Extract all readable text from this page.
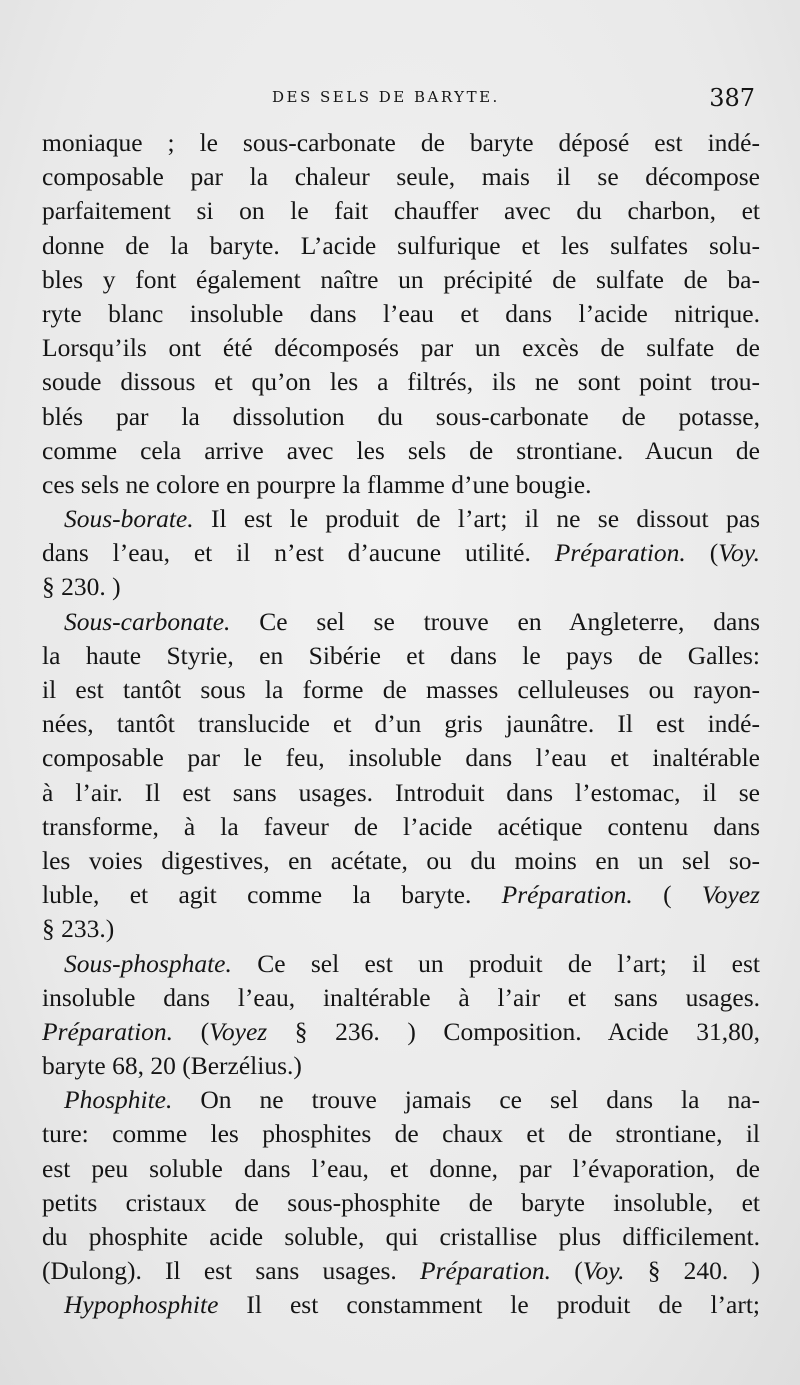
DES SELS DE BARYTE.	387
moniaque ; le sous-carbonate de baryte déposé est indé-
composable par la chaleur seule, mais il se décompose
parfaitement si on le fait chauffer avec du charbon, et
donne de la baryte. L’acide sulfurique et les sulfates solu-
bles y font également naître un précipité de sulfate de ba-
ryte blanc insoluble dans l’eau et dans l’acide nitrique.
Lorsqu’ils ont été décomposés par un excès de sulfate de
soude dissous et qu’on les a filtrés, ils ne sont point trou-
blés par la dissolution du sous-carbonate de potasse,
comme cela arrive avec les sels de strontiane. Aucun de
ces sels ne colore en pourpre la flamme d’une bougie.
Sous-borate. Il est le produit de l’art; il ne se dissout pas
dans l’eau, et il n’est d’aucune utilité. Préparation. (Voy.
§ 230. )
Sous-carbonate. Ce sel se trouve en Angleterre, dans
la haute Styrie, en Sibérie et dans le pays de Galles:
il est tantôt sous la forme de masses celluleuses ou rayon-
nées, tantôt translucide et d’un gris jaunâtre. Il est indé-
composable par le feu, insoluble dans l’eau et inaltérable
à l’air. Il est sans usages. Introduit dans l’estomac, il se
transforme, à la faveur de l’acide acétique contenu dans
les voies digestives, en acétate, ou du moins en un sel so-
luble, et agit comme la baryte. Préparation. ( Voyez
§ 233.)
Sous-phosphate. Ce sel est un produit de l’art; il est
insoluble dans l’eau, inaltérable à l’air et sans usages.
Préparation. (Voyez § 236. ) Composition. Acide 31,80,
baryte 68, 20 (Berzélius.)
Phosphite. On ne trouve jamais ce sel dans la na-
ture: comme les phosphites de chaux et de strontiane, il
est peu soluble dans l’eau, et donne, par l’évaporation, de
petits cristaux de sous-phosphite de baryte insoluble, et
du phosphite acide soluble, qui cristallise plus difficilement.
(Dulong). Il est sans usages. Préparation. (Voy. § 240. )
Hypophosphite Il est constamment le produit de l’art;
